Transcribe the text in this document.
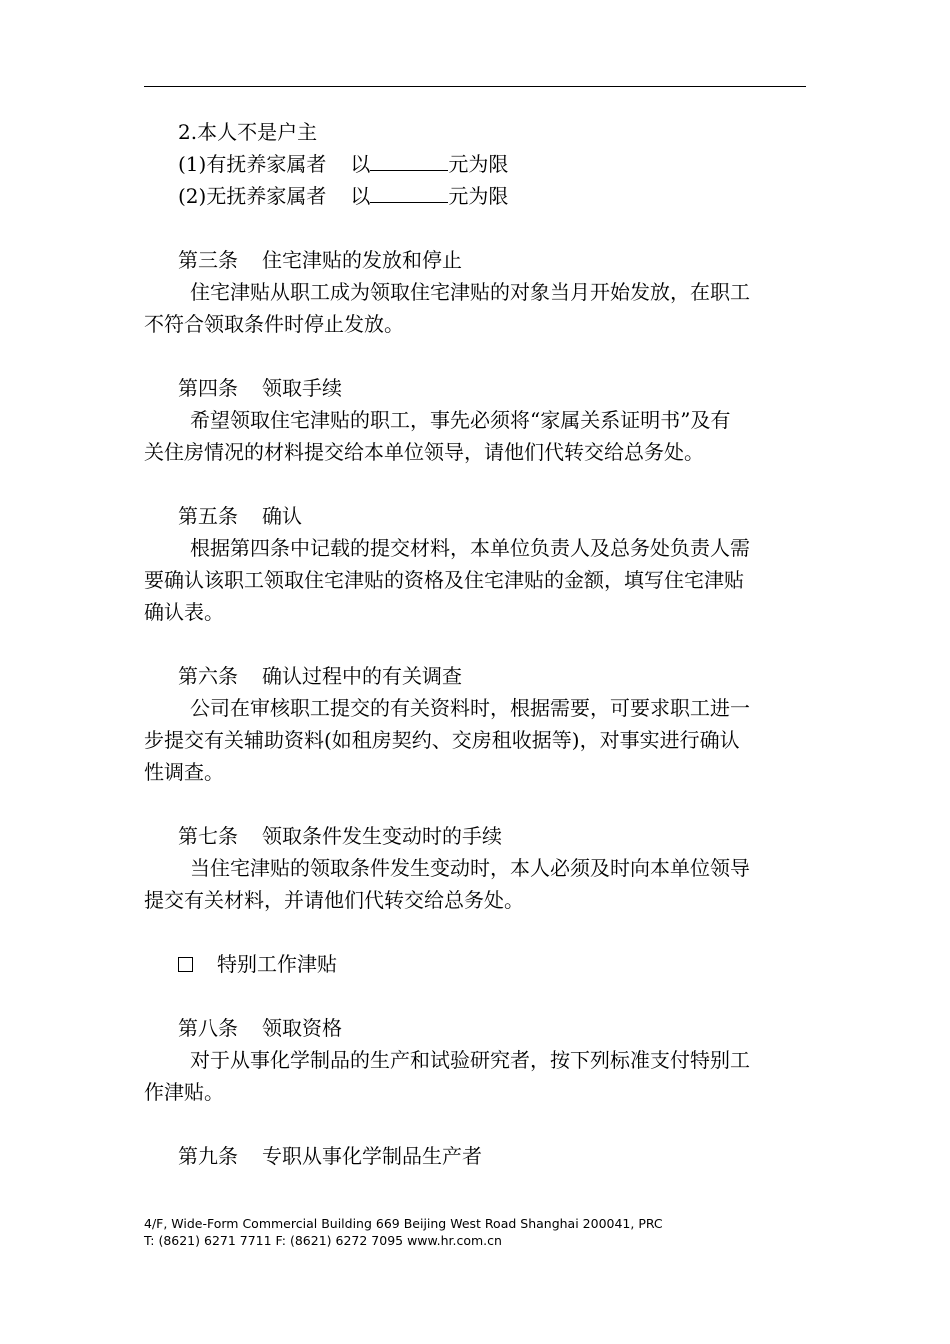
2.本人不是户主
(1)有抚养家属者 以	元为限
(2)无抚养家属者 以	元为限
第三条 住宅津贴的发放和停止
住宅津贴从职工成为领取住宅津贴的对象当月开始发放，在职工
不符合领取条件时停止发放。
第四条 领取手续
希望领取住宅津贴的职工，事先必须将“家属关系证明书”及有
关住房情况的材料提交给本单位领导，请他们代转交给总务处。
第五条 确认
根据第四条中记载的提交材料，本单位负责人及总务处负责人需
要确认该职工领取住宅津贴的资格及住宅津贴的金额，填写住宅津贴
确认表。
第六条 确认过程中的有关调查
公司在审核职工提交的有关资料时，根据需要，可要求职工进一
步提交有关辅助资料(如租房契约、交房租收据等)，对事实进行确认
性调查。
第七条 领取条件发生变动时的手续
当住宅津贴的领取条件发生变动时，本人必须及时向本单位领导
提交有关材料，并请他们代转交给总务处。
特别工作津贴
第八条 领取资格
对于从事化学制品的生产和试验研究者，按下列标准支付特别工
作津贴。
第九条 专职从事化学制品生产者
4/F, Wide-Form Commercial Building 669 Beijing West Road Shanghai 200041, PRC
T: (8621) 6271 7711 F: (8621) 6272 7095 www.hr.com.cn
